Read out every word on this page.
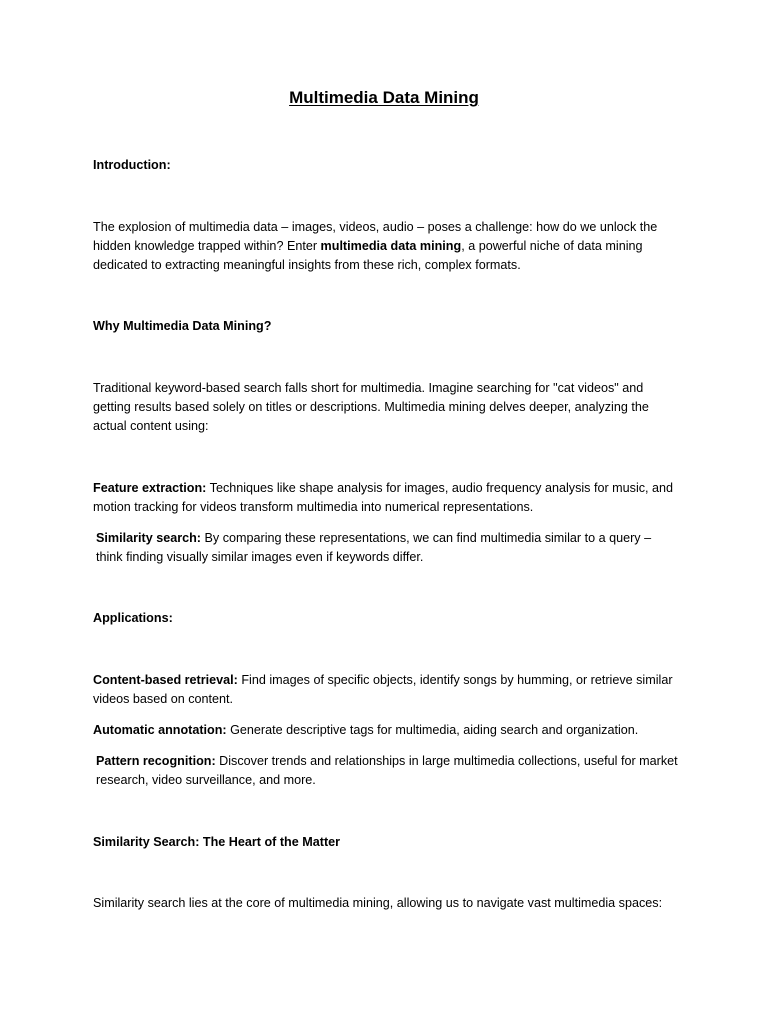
Multimedia Data Mining

Introduction:

The explosion of multimedia data – images, videos, audio – poses a challenge: how do we unlock the hidden knowledge trapped within? Enter multimedia data mining, a powerful niche of data mining dedicated to extracting meaningful insights from these rich, complex formats.

Why Multimedia Data Mining?

Traditional keyword-based search falls short for multimedia. Imagine searching for "cat videos" and getting results based solely on titles or descriptions. Multimedia mining delves deeper, analyzing the actual content using:

Feature extraction: Techniques like shape analysis for images, audio frequency analysis for music, and motion tracking for videos transform multimedia into numerical representations.

Similarity search: By comparing these representations, we can find multimedia similar to a query – think finding visually similar images even if keywords differ.

Applications:

Content-based retrieval: Find images of specific objects, identify songs by humming, or retrieve similar videos based on content.

Automatic annotation: Generate descriptive tags for multimedia, aiding search and organization.

Pattern recognition: Discover trends and relationships in large multimedia collections, useful for market research, video surveillance, and more.

Similarity Search: The Heart of the Matter

Similarity search lies at the core of multimedia mining, allowing us to navigate vast multimedia spaces:
